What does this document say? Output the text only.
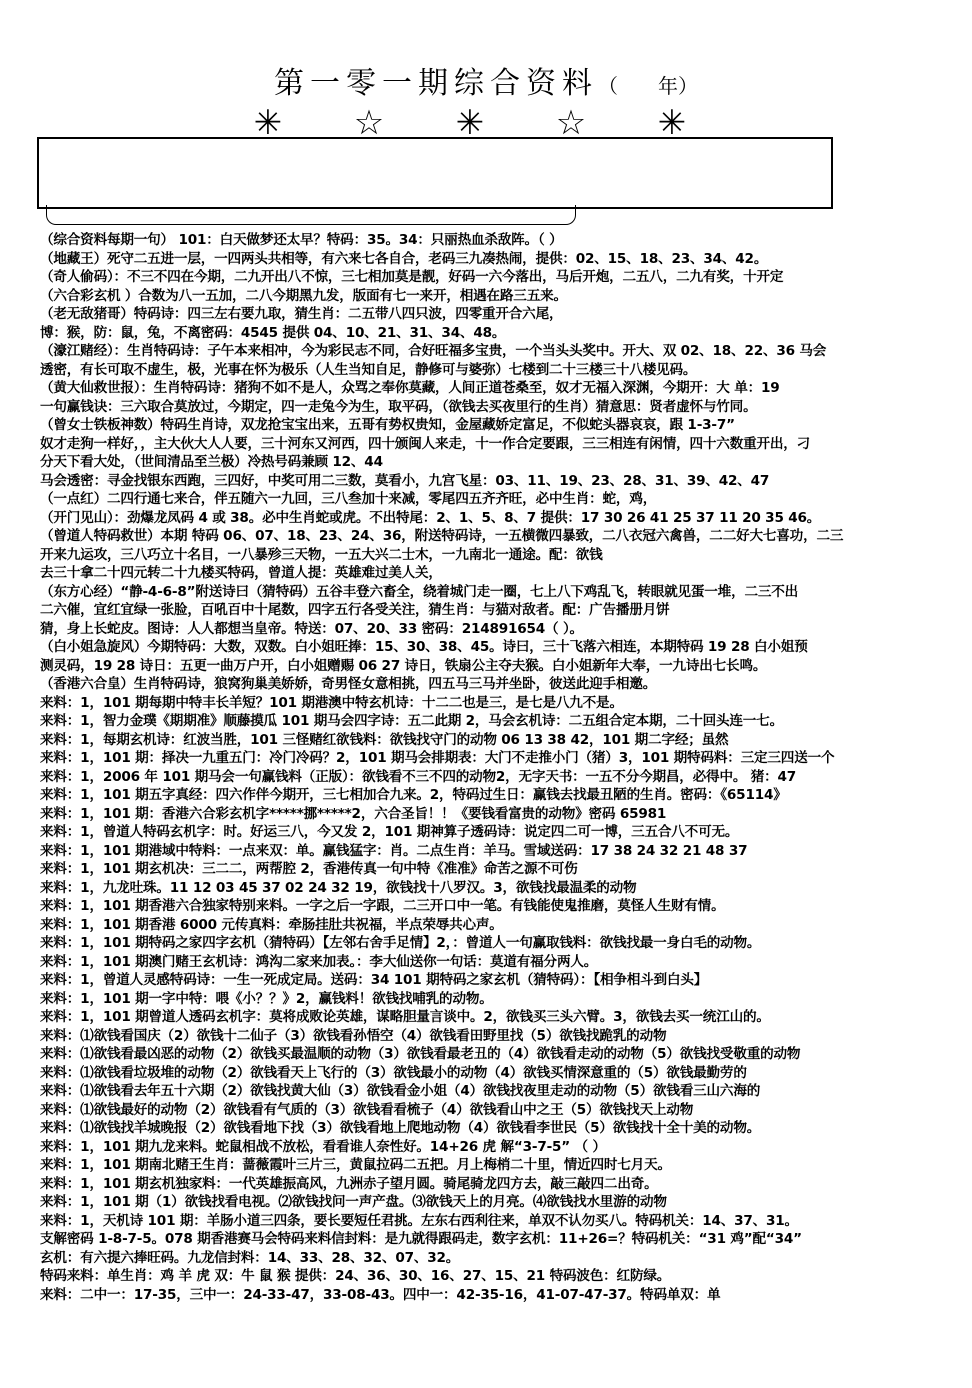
第一零一期综合资料（　　年）
✳	☆	✳	☆	✳
（综合资料每期一句） 101：白天做梦还太早？特码：35。34：只丽热血杀敌阵。（ ）
（地藏王）死守二五进一层，一四两头共相等，有六来七各自合，老码三九凑热闹，提供：02、15、18、23、34、42。
（奇人偷码）：不三不四在今期，二九开出八不惊，三七相加莫是靓，好码一六今落出，马后开炮，二五八，二九有奖，十开定
（六合彩玄机 ）合数为八一五加，二八今期黑九发，版面有七一来开，相遇在路三五来。
（老无敌猪哥）特码诗：四三左右要九取，猜生肖：二五带八四只波，四零重开合六尾，
博：猴，防：鼠，兔，不离密码：4545 提供 04、10、21、31、34、48。
（濠江赌经）：生肖特码诗：子午本来相冲，今为彩民志不同，合好旺福多宝贵，一个当头头奖中。开大、双 02、18、22、36 马会
透密，有长可取不虚生，极，光事在怀为极乐（人生当知自足，静修可与婆弥）七楼到二十三楼三十八楼见码。
（黄大仙救世报）：生肖特码诗：猪狗不如不是人，众骂之奉你莫藏，人间正道苍桑至，奴才无福入深渊，今期开：大 单：19
一句赢钱诀：三六取合莫放过，今期定，四一走兔今为生，取平码，（欲钱去买夜里行的生肖）猜意思：贤者虚怀与竹同。
（曾女士铁板神数）特码生肖诗，双龙抢宝宝出来，五哥有势权贵知，金屋藏娇定富足，不似蛇头器哀哀，跟 1-3-7”
奴才走狗一样好，，主大伙大人人要，三十河东又河西，四十颁闽人来走，十一作合定要跟，三三相连有闲情，四十六数重开出，刁
分天下看大处，（世间清品至兰极）冷热号码兼顾 12、44
马会透密：寻金找银东西跑，三四好，中奖可用二三数，莫看小，九宫飞星：03、11、19、23、28、31、39、42、47
（一点红）二四行通七来合，伴五随六一九回，三八叁加十来减，零尾四五齐齐旺，必中生肖：蛇，鸡，
（开门见山）：劲爆龙凤码 4 或 38。必中生肖蛇或虎。不出特尾：2、1、5、8、7 提供：17 30 26 41 25 37 11 20 35 46。
（曾道人特码救世）本期 特码 06、07、18、23、24、36，附送特码诗，一五横微四暴致，二八衣冠六禽兽，二二好大七喜功，二三
开来九运攻，三八巧立十名目，一八暴殄三天物，一五大兴二士木，一九南北一通途。配：欲钱
去三十拿二十四元转二十九楼买特码，曾道人提：英雄难过美人关，
（东方心经）“静-4-6-8”附送诗曰（猜特码）五谷丰登六畜全，绕着城门走一圈，七上八下鸡乱飞，转眼就见蛋一堆，二三不出
二六催，宜红宜绿一张脸，百吼百中十尾数，四字五行各受关注，猜生肖：与猫对敌者。配：广告播册月饼
猜，身上长蛇皮。图诗：人人都想当皇帝。特送：07、20、33 密码：214891654（ ）。
（白小姐急旋风）今期特码：大数，双数。白小姐旺捧：15、30、38、45。诗曰，三十飞落六相连，本期特码 19 28 白小姐预
测灵码，19 28 诗日：五更一曲万户开，白小姐赠赐 06 27 诗日，铁扇公主夺夫猴。白小姐新年大奉，一九诗出七长鸣。
（香港六合皇）生肖特码诗，狼窝狗巢美娇娇，奇男怪女意相挑，四五马三马并坐卧，彼送此迎手相邀。
来料：1，101 期每期中特丰长羊短？101 期港澳中特玄机诗：十二二也是三，是七是八九不是。
来料：1，智力金璞《期期准》顺藤摸瓜 101 期马会四字诗：五二此期 2，马会玄机诗：二五组合定本期，二十回头连一七。
来料：1，每期玄机诗：红波当胜，101 三怪赌红欲钱料：欲钱找守门的动物 06 13 38 42，101 期二字经；虽然
来料：1，101 期：择决一九重五门：冷门冷码？2，101 期马会排期表：大门不走推小门（猪）3，101 期特码料：三定三四送一个
来料：1，2006 年 101 期马会一句赢钱料（正版）：欲钱看不三不四的动物2，无字天书：一五不分今期昌，必得中。 猪：47
来料：1，101 期五字真经：四六作伴今期开，三七相加合九来。2，特码过生日：赢钱去找最丑陋的生肖。密码：《65114》
来料：1，101 期：香港六合彩玄机字*****挪*****2，六合圣旨！！《要钱看富贵的动物》密码 65981
来料：1，曾道人特码玄机字：时。好运三八，今又发 2，101 期神算子透码诗：说定四二可一博，三五合八不可无。
来料：1，101 期港域中特料：一点来双：单。赢钱猛字：肖。二点生肖：羊马。雪域送码：17 38 24 32 21 48 37
来料：1，101 期玄机决：三二二，两帮腔 2，香港传真一句中特《准准》命苦之源不可伤
来料：1，九龙吐珠。11 12 03 45 37 02 24 32 19，欲钱找十八罗汉。3，欲钱找最温柔的动物
来料：1，101 期香港六合独家特别来料。一字之后一字跟，二三开口中一笔。有钱能使鬼推磨，莫怪人生财有情。
来料：1，101 期香港 6000 元传真料：牵肠挂肚共祝福，半点荣辱共心声。
来料：1，101 期特码之家四字玄机（猜特码）【左邻右舍手足情】2，：曾道人一句赢取钱料：欲钱找最一身白毛的动物。
来料：1，101 期澳门赌王玄机诗：鸿沟二家来加表。：李大仙送你一句话：莫道有福分两人。
来料：1，曾道人灵感特码诗：一生一死成定局。送码：34 101 期特码之家玄机（猜特码）：【相争相斗到白头】
来料：1，101 期一字中特：喂《小？？》2，赢钱料！欲钱找哺乳的动物。
来料：1，101 期曾道人透码玄机字：莫将成败论英雄，谋略胆量言谈中。2，欲钱买三头六臂。3，欲钱去买一统江山的。
来料：⑴欲钱看国庆（2）欲钱十二仙子（3）欲钱看孙悟空（4）欲钱看田野里找（5）欲钱找跪乳的动物
来料：⑴欲钱看最凶恶的动物（2）欲钱买最温顺的动物（3）欲钱看最老丑的（4）欲钱看走动的动物（5）欲钱找受敬重的动物
来料：⑴欲钱看垃圾堆的动物（2）欲钱看天上飞行的（3）欲钱最小的动物（4）欲钱买情深意重的（5）欲钱最勤劳的
来料：⑴欲钱看去年五十六期（2）欲钱找黄大仙（3）欲钱看金小姐（4）欲钱找夜里走动的动物（5）欲钱看三山六海的
来料：⑴欲钱最好的动物（2）欲钱看有气质的（3）欲钱看看梳子（4）欲钱看山中之王（5）欲钱找天上动物
来料：⑴欲钱找羊城晚报（2）欲钱看地下找（3）欲钱看地上爬地动物（4）欲钱看李世民（5）欲钱找十全十美的动物。
来料：1，101 期九龙来料。蛇鼠相战不放松，看看谁人奈性好。14+26 虎 解“3-7-5” （ ）
来料：1，101 期南北赌王生肖：蔷薇霞叶三片三，黄鼠拉码二五把。月上梅梢二十里，情近四时七月天。
来料：1，101 期玄机独家料：一代英雄振高风，九洲赤子望月圆。骑尾骑龙四方去，敲三敲四二出奇。
来料：1，101 期（1）欲钱找看电视。⑵欲钱找问一声产盘。⑶欲钱天上的月亮。⑷欲钱找水里游的动物
来料：1，天机诗 101 期：羊肠小道三四条，要长要短任君挑。左东右西利往来，单双不认勿买八。特码机关：14、37、31。
支解密码 1-8-7-5。078 期香港赛马会特码来料信封料：是九就得跟码走，数字玄机：11+26=？特码机关：“31 鸡”配“34”
玄机：有六提六捧旺码。九龙信封料：14、33、28、32、07、32。
特码来料：单生肖：鸡 羊 虎 双：牛 鼠 猴 提供：24、36、30、16、27、15、21 特码波色：红防绿。
来料：二中一：17-35，三中一：24-33-47，33-08-43。四中一：42-35-16，41-07-47-37。特码单双：单
